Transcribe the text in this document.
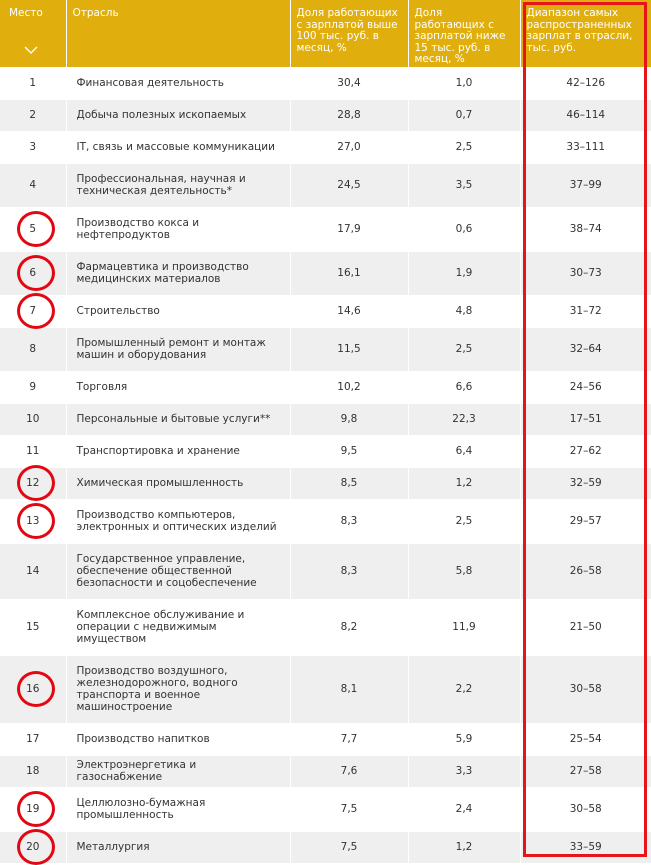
Место	Отрасль	Доля работающих с зарплатой выше 100 тыс. руб. в месяц, %	Доля работающих с зарплатой ниже 15 тыс. руб. в месяц, %	Диапазон самых распространенных зарплат в отрасли, тыс. руб.
1	Финансовая деятельность	30,4	1,0	42–126
2	Добыча полезных ископаемых	28,8	0,7	46–114
3	IT, связь и массовые коммуникации	27,0	2,5	33–111
4	Профессиональная, научная и техническая деятельность*	24,5	3,5	37–99
5	Производство кокса и нефтепродуктов	17,9	0,6	38–74
6	Фармацевтика и производство медицинских материалов	16,1	1,9	30–73
7	Строительство	14,6	4,8	31–72
8	Промышленный ремонт и монтаж машин и оборудования	11,5	2,5	32–64
9	Торговля	10,2	6,6	24–56
10	Персональные и бытовые услуги**	9,8	22,3	17–51
11	Транспортировка и хранение	9,5	6,4	27–62
12	Химическая промышленность	8,5	1,2	32–59
13	Производство компьютеров, электронных и оптических изделий	8,3	2,5	29–57
14	Государственное управление, обеспечение общественной безопасности и соцобеспечение	8,3	5,8	26–58
15	Комплексное обслуживание и операции с недвижимым имуществом	8,2	11,9	21–50
16	Производство воздушного, железнодорожного, водного транспорта и военное машиностроение	8,1	2,2	30–58
17	Производство напитков	7,7	5,9	25–54
18	Электроэнергетика и газоснабжение	7,6	3,3	27–58
19	Целлюлозно-бумажная промышленность	7,5	2,4	30–58
20	Металлургия	7,5	1,2	33–59
